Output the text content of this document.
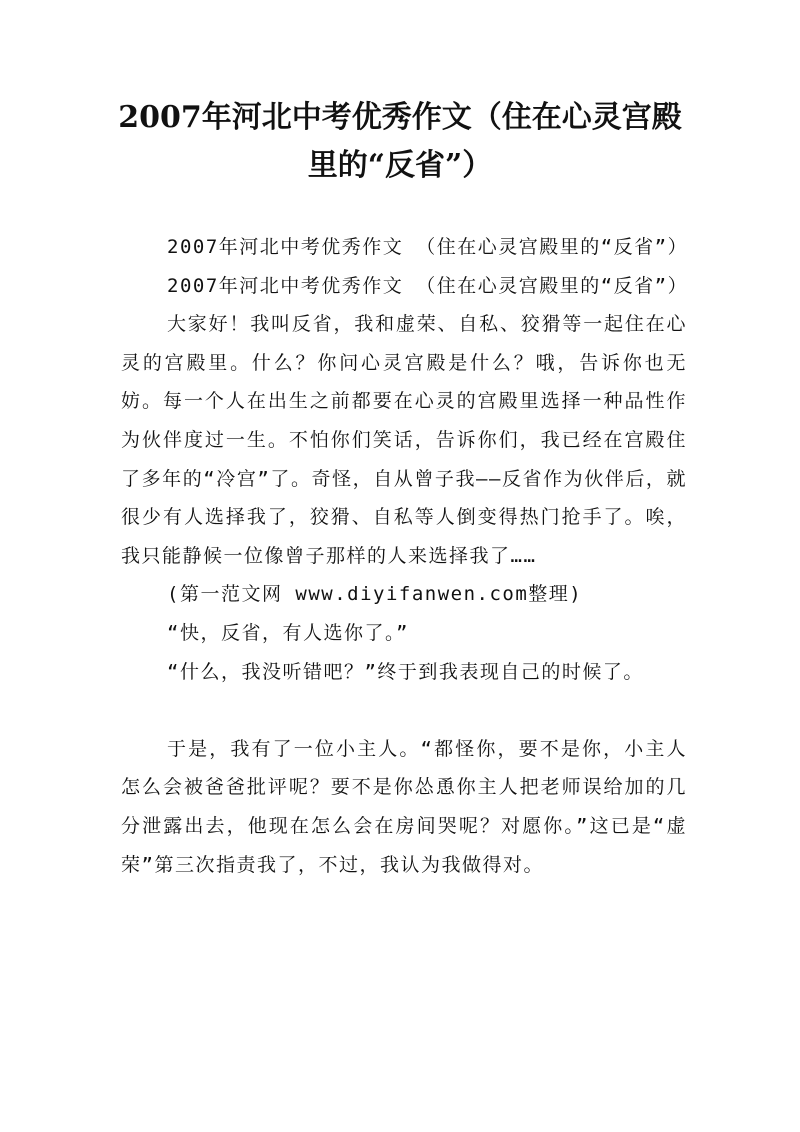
2007年河北中考优秀作文（住在心灵宫殿
里的“反省”）

2007年河北中考优秀作文 （住在心灵宫殿里的“反省”）

2007年河北中考优秀作文 （住在心灵宫殿里的“反省”）

大家好！我叫反省，我和虚荣、自私、狡猾等一起住在心灵的宫殿里。什么？你问心灵宫殿是什么？哦，告诉你也无妨。每一个人在出生之前都要在心灵的宫殿里选择一种品性作为伙伴度过一生。不怕你们笑话，告诉你们，我已经在宫殿住了多年的“冷宫”了。奇怪，自从曾子我——反省作为伙伴后，就很少有人选择我了，狡猾、自私等人倒变得热门抢手了。唉，我只能静候一位像曾子那样的人来选择我了……

(第一范文网 www.diyifanwen.com整理)

“快，反省，有人选你了。”

“什么，我没听错吧？”终于到我表现自己的时候了。

于是，我有了一位小主人。“都怪你，要不是你，小主人怎么会被爸爸批评呢？要不是你怂恿你主人把老师误给加的几分泄露出去，他现在怎么会在房间哭呢？对愿你。”这已是“虚荣”第三次指责我了，不过，我认为我做得对。
